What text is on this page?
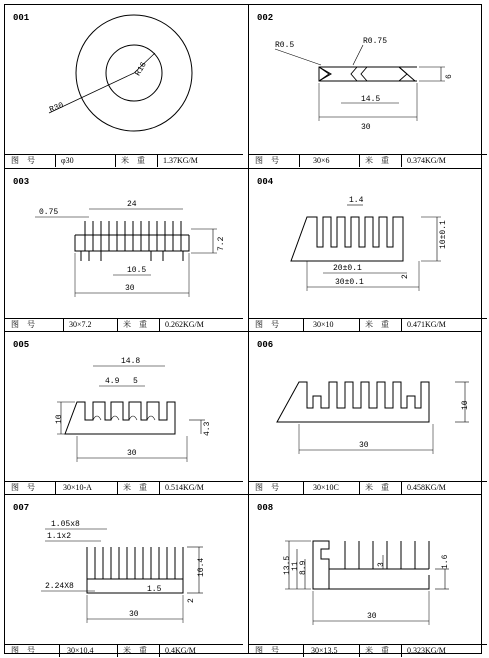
001
R16
R30
图　号	φ30	米　重 1.37KG/M
002
R0.5	R0.75
6
14.5
30
图　号	30×6	米　重 0.374KG/M
003
24
0.75
7.2
10.5
30
图　号	30×7.2	米　重 0.262KG/M
004
1.4
10±0.1
20±0.1
30±0.1
2
图　号	30×10	米　重 0.471KG/M
005
14.8
4.9 5
10
4.3
30
图　号	30×10-A	米　重 0.514KG/M
006
10
30
图　号	30×10C	米　重 0.458KG/M
007
1.05x8
1.1x2
10.4
2.24X8	1.5
2
30
图　号	30×10.4	米　重 0.4KG/M
008
13.5 11 8.9	3	1.6
30
图　号	30×13.5	米　重 0.323KG/M
